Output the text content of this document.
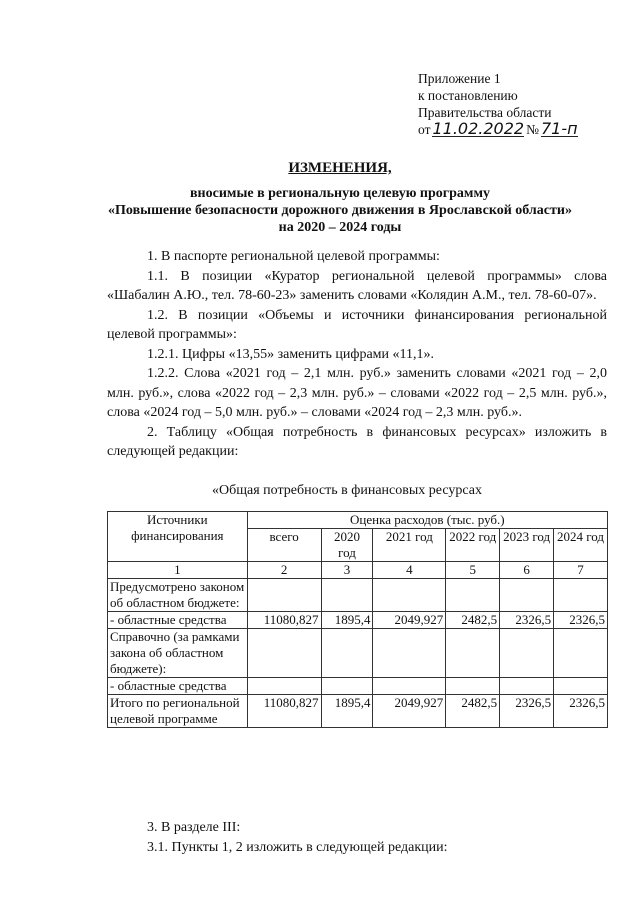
Приложение 1
к постановлению
Правительства области
от 11.02.2022 № 71-п
ИЗМЕНЕНИЯ,
вносимые в региональную целевую программу
«Повышение безопасности дорожного движения в Ярославской области»
на 2020 – 2024 годы

1. В паспорте региональной целевой программы:

1.1. В позиции «Куратор региональной целевой программы» слова «Шабалин А.Ю., тел. 78-60-23» заменить словами «Колядин А.М., тел. 78-60-07».

1.2. В позиции «Объемы и источники финансирования региональной целевой программы»:

1.2.1. Цифры «13,55» заменить цифрами «11,1».

1.2.2. Слова «2021 год – 2,1 млн. руб.» заменить словами «2021 год – 2,0 млн. руб.», слова «2022 год – 2,3 млн. руб.» – словами «2022 год – 2,5 млн. руб.», слова «2024 год – 5,0 млн. руб.» – словами «2024 год – 2,3 млн. руб.».

2. Таблицу «Общая потребность в финансовых ресурсах» изложить в следующей редакции:

«Общая потребность в финансовых ресурсах
Источники финансирования	Оценка расходов (тыс. руб.)					
	всего	2020 год	2021 год	2022 год	2023 год	2024 год
1	2	3	4	5	6	7
Предусмотрено законом об областном бюджете:						
- областные средства	11080,827	1895,4	2049,927	2482,5	2326,5	2326,5
Справочно (за рамками закона об областном бюджете):						
- областные средства						
Итого по региональной целевой программе	11080,827	1895,4	2049,927	2482,5	2326,5	2326,5

3. В разделе III:

3.1. Пункты 1, 2 изложить в следующей редакции:
